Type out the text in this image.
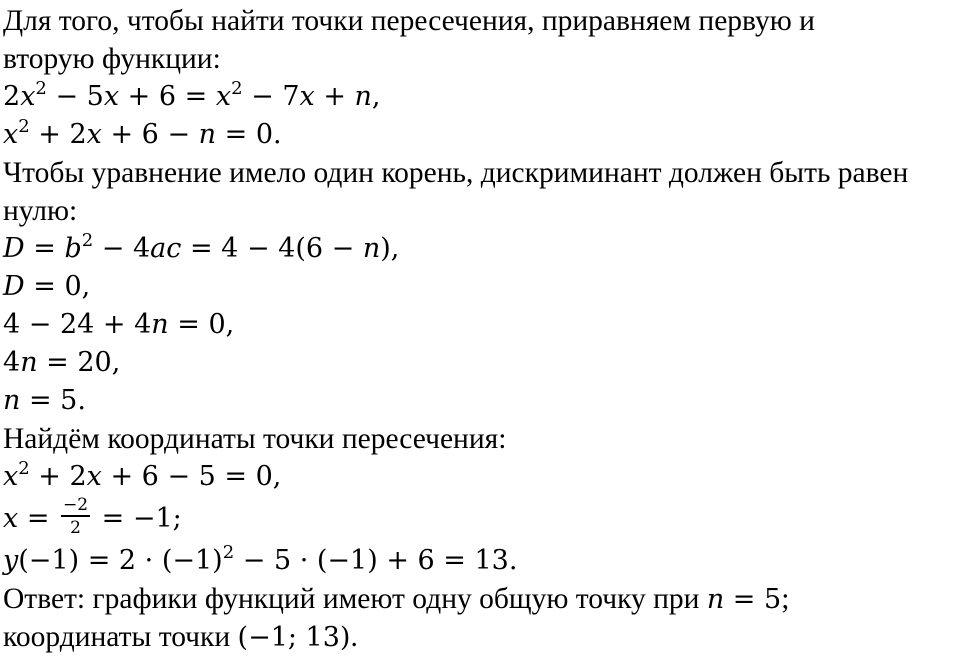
Для того, чтобы найти точки пересечения, приравняем первую и
вторую функции:
$2x^2 - 5x + 6 = x^2 - 7x + n$,
$x^2 + 2x + 6 - n = 0$.
Чтобы уравнение имело один корень, дискриминант должен быть равен
нулю:
$D = b^2 - 4ac = 4 - 4(6 - n)$,
D = 0,
4 − 24 + 4n = 0,
4n = 20,
n = 5.
Найдём координаты точки пересечения:
$x^2 + 2x + 6 - 5 = 0$,
$x = \frac{-2}{2} = -1$;
$y(-1) = 2 \cdot (-1)^2 - 5 \cdot (-1) + 6 = 13$.
Ответ: графики функций имеют одну общую точку при n = 5;
координаты точки (−1; 13).
